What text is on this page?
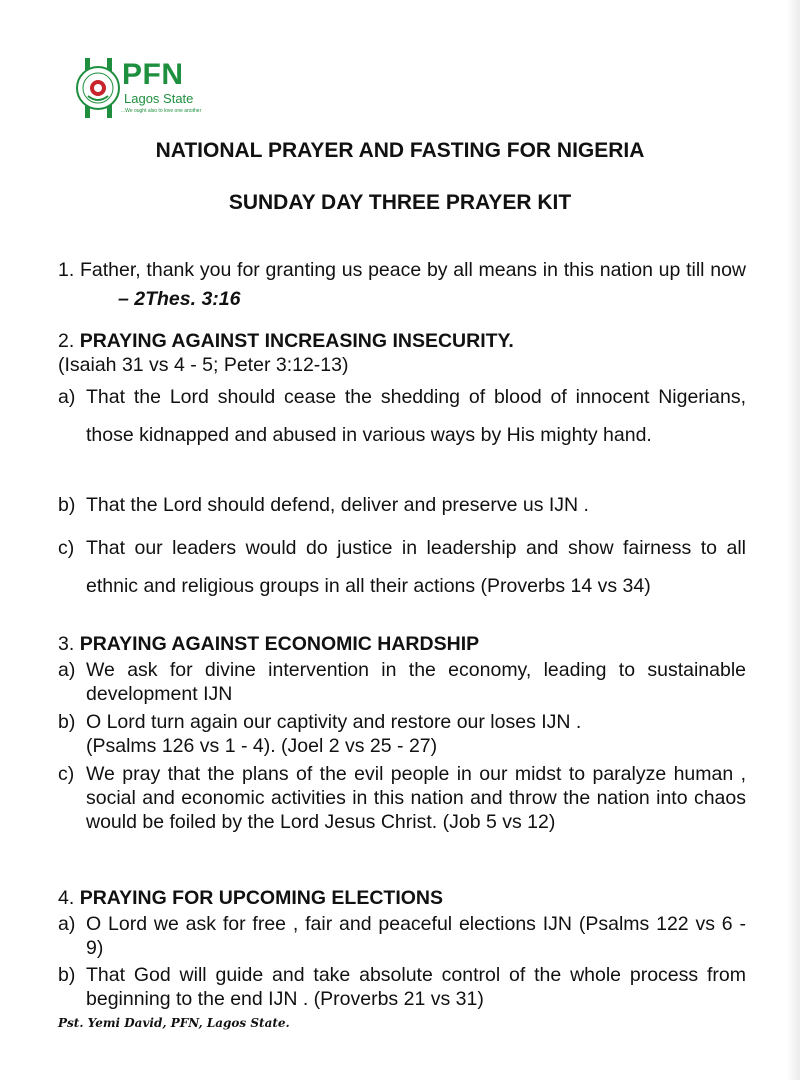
PFN
Lagos State
...We ought also to love one another
NATIONAL PRAYER AND FASTING FOR NIGERIA
SUNDAY DAY THREE PRAYER KIT
1. Father, thank you for granting us peace by all means in this nation up till now– 2Thes. 3:16
2. PRAYING AGAINST INCREASING INSECURITY.
(Isaiah 31 vs 4 - 5; Peter 3:12-13)
a) That the Lord should cease the shedding of blood of innocent Nigerians, those kidnapped and abused in various ways by His mighty hand.
b) That the Lord should defend, deliver and preserve us IJN .
c) That our leaders would do justice in leadership and show fairness to all ethnic and religious groups in all their actions (Proverbs 14 vs 34)
3. PRAYING AGAINST ECONOMIC HARDSHIP
a) We ask for divine intervention in the economy, leading to sustainable development IJN
b) O Lord turn again our captivity and restore our loses IJN .
(Psalms 126 vs 1 - 4). (Joel 2 vs 25 - 27)
c) We pray that the plans of the evil people in our midst to paralyze human , social and economic activities in this nation and throw the nation into chaos would be foiled by the Lord Jesus Christ. (Job 5 vs 12)
4. PRAYING FOR UPCOMING ELECTIONS
a) O Lord we ask for free , fair and peaceful elections IJN (Psalms 122 vs 6 - 9)
b) That God will guide and take absolute control of the whole process from beginning to the end IJN . (Proverbs 21 vs 31)
Pst. Yemi David, PFN, Lagos State.
